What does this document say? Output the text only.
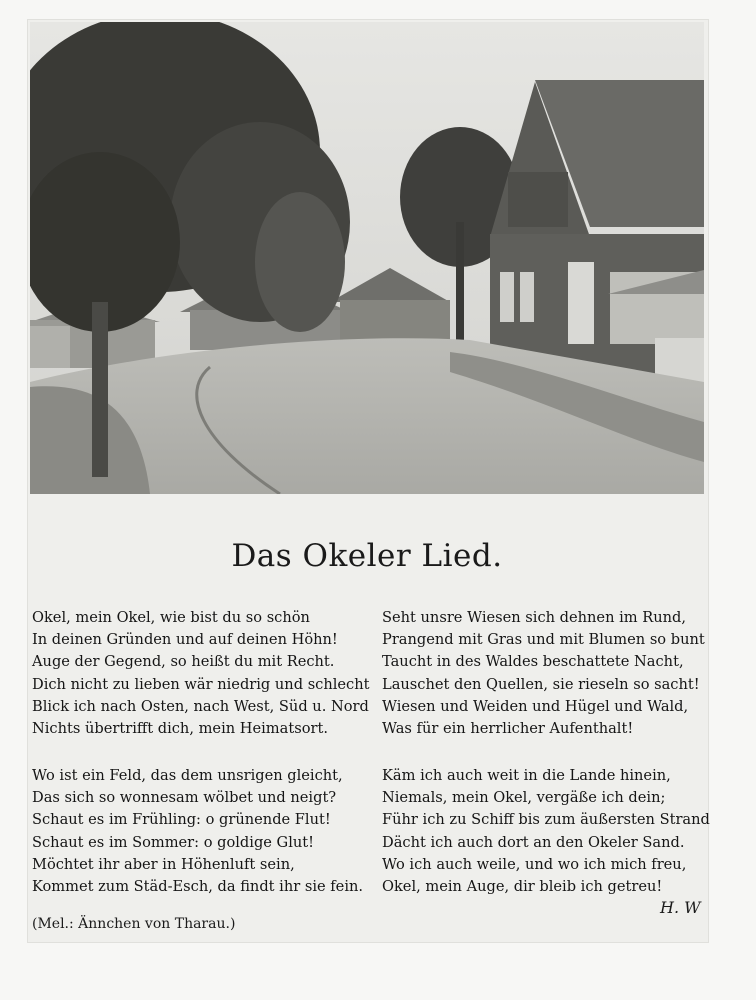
Das Okeler Lied.
Okel, mein Okel, wie bist du so schön
In deinen Gründen und auf deinen Höhn!
Auge der Gegend, so heißt du mit Recht.
Dich nicht zu lieben wär niedrig und schlecht
Blick ich nach Osten, nach West, Süd u. Nord
Nichts übertrifft dich, mein Heimatsort.
Seht unsre Wiesen sich dehnen im Rund,
Prangend mit Gras und mit Blumen so bunt
Taucht in des Waldes beschattete Nacht,
Lauschet den Quellen, sie rieseln so sacht!
Wiesen und Weiden und Hügel und Wald,
Was für ein herrlicher Aufenthalt!
Wo ist ein Feld, das dem unsrigen gleicht,
Das sich so wonnesam wölbet und neigt?
Schaut es im Frühling: o grünende Flut!
Schaut es im Sommer: o goldige Glut!
Möchtet ihr aber in Höhenluft sein,
Kommet zum Städ-Esch, da findt ihr sie fein.
Käm ich auch weit in die Lande hinein,
Niemals, mein Okel, vergäße ich dein;
Führ ich zu Schiff bis zum äußersten Strand
Dächt ich auch dort an den Okeler Sand.
Wo ich auch weile, und wo ich mich freu,
Okel, mein Auge, dir bleib ich getreu!
H. W
(Mel.: Ännchen von Tharau.)
